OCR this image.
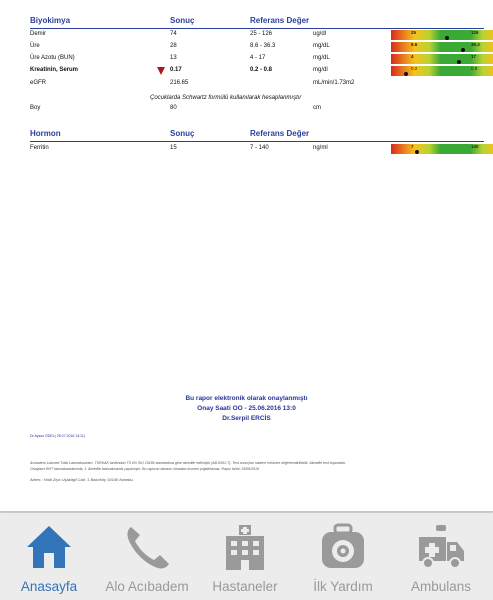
Biyokimya	Sonuç	Referans Değer
Demir	74	25 - 126	ug/dl	25	126
Üre	28	8.6 - 36.3	mg/dL	8.6	36.3
Üre Azotu (BUN)	13	4 - 17	mg/dL	4	17
Kreatinin, Serum	0.17	0.2 - 0.8	mg/dl	0.2	0.8
eGFR	216.65	mL/min/1.73m2
Çocuklarda Schwartz formülü kullanılarak hesaplanmıştır
Boy	80	cm
Hormon	Sonuç	Referans Değer
Ferritin	15	7 - 140	ng/ml	7	140
Bu rapor elektronik olarak onaylanmıştı
Onay Saati OO - 25.06.2016 13:0
Dr.Serpil ERCİS
Dr.Aysun ÖDEL( 25.07.2016 13:11)
Acıbadem Labmed Tıbbi Laboratuvarları, TÜRKAK tarafından TS EN ISO 15189 standardına göre akredite edilmiştir (AB-0091-T). Test sonuçları sadece hekimce değerlendirilebilir. Akredite test dışındadır.
Onaylanır BHT laboratuvarlarında; 1. Akredite laboratuvarda yapılmıştır. Bu raporun tamamı olmadan kısmen çoğaltılamaz. Rapor tarihi: 25/06/2016
Adres : Halit Ziya Uşakligil Cad. 1 Bakırköy 34140 İstanbul
Anasayfa	Alo Acıbadem	Hastaneler	İlk Yardım	Ambulans
